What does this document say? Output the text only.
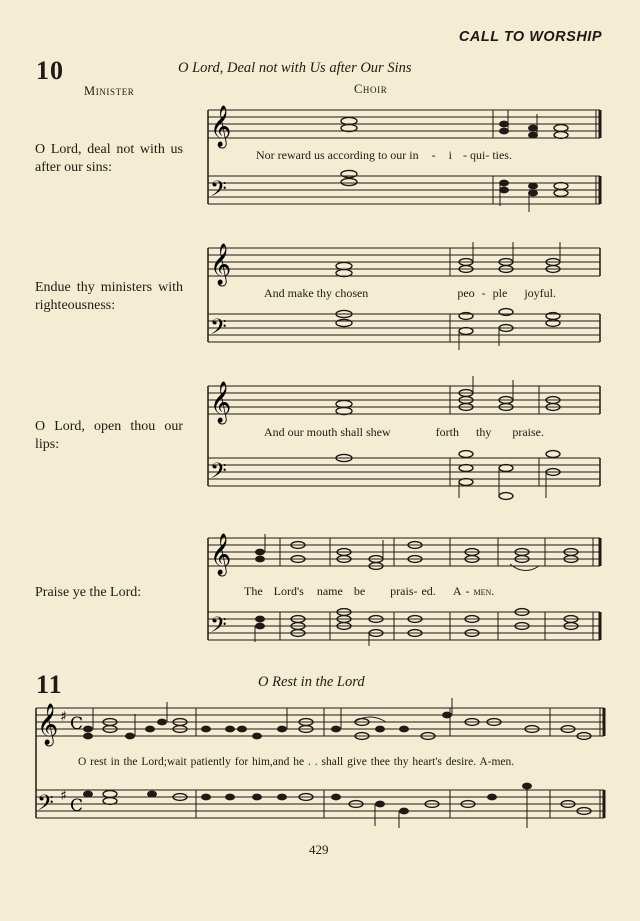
CALL TO WORSHIP
10	O Lord, Deal not with Us after Our Sins
Minister	Choir
O Lord, deal not with us after our sins:
Endue thy ministers with righteousness:
O Lord, open thou our lips:
Praise ye the Lord:
𝄞
𝄢
Nor reward us according to our in - i - qui- ties.
𝄞
𝄢
And make thy chosen	peo - ple joyful.
𝄞
𝄢
And our mouth shall shew	forth thy praise.
𝄞
𝄢
The Lord's name be prais- ed. A - men.
11	O Rest in the Lord
𝄞 ♯ C
𝄢 ♯ C
O rest in the Lord;wait patiently for him,and he . . shall give thee thy heart's desire. A-men.
429
